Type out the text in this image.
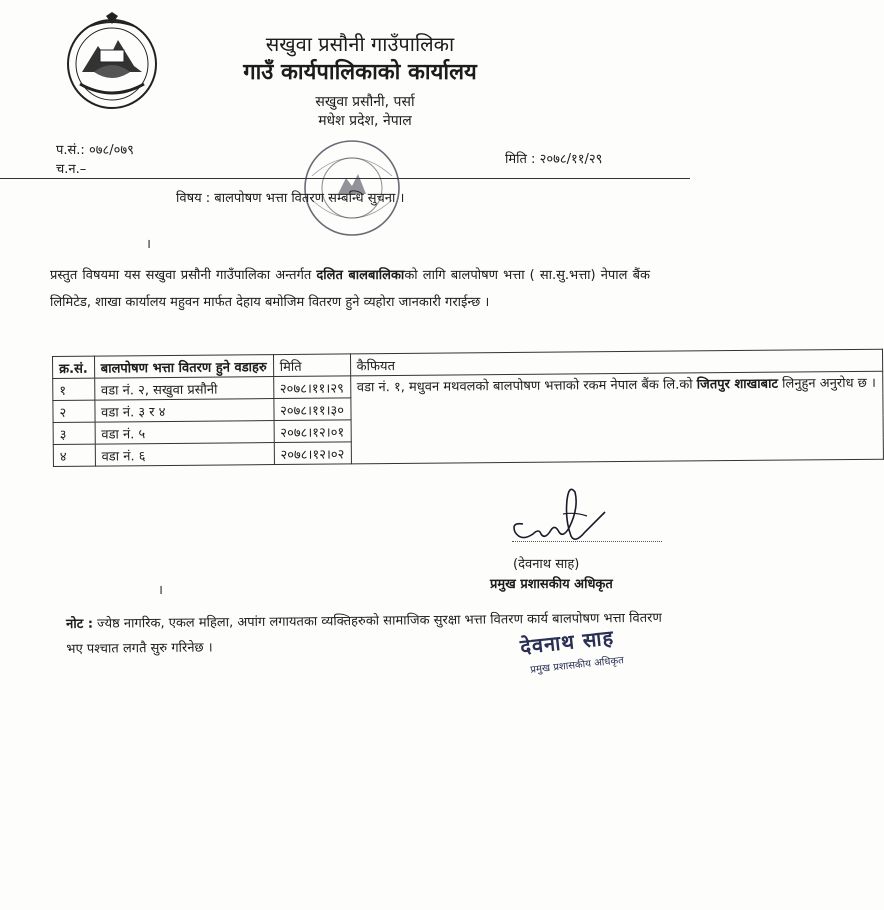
सखुवा प्रसौनी गाउँपालिका
गाउँ कार्यपालिकाको कार्यालय
सखुवा प्रसौनी, पर्सा
मधेश प्रदेश, नेपाल
प.सं.: ०७८/०७९
च.न.–
मिति : २०७८/११/२९
विषय : बालपोषण भत्ता वितरण सम्बन्धि सुचना ।
।
प्रस्तुत विषयमा यस सखुवा प्रसौनी गाउँपालिका अन्तर्गत दलित बालबालिकाको लागि बालपोषण भत्ता ( सा.सु.भत्ता) नेपाल बैंक लिमिटेड, शाखा कार्यालय महुवन मार्फत देहाय बमोजिम वितरण हुने व्यहोरा जानकारी गराईन्छ ।
क्र.सं.	बालपोषण भत्ता वितरण हुने वडाहरु	मिति	कैफियत
१	वडा नं. २, सखुवा प्रसौनी	२०७८।११।२९	वडा नं. १, मधुवन मथवलको बालपोषण भत्ताको रकम नेपाल बैंक लि.को जितपुर शाखाबाट लिनुहुन अनुरोध छ ।
२	वडा नं. ३ र ४	२०७८।११।३०	
३	वडा नं. ५	२०७८।१२।०१	
४	वडा नं. ६	२०७८।१२।०२	
(देवनाथ साह)
प्रमुख प्रशासकीय अधिकृत
।
नोट : ज्येष्ठ नागरिक, एकल महिला, अपांग लगायतका व्यक्तिहरुको सामाजिक सुरक्षा भत्ता वितरण कार्य बालपोषण भत्ता वितरण भए पश्चात लगतै सुरु गरिनेछ ।	देवनाथ साह
प्रमुख प्रशासकीय अधिकृत
